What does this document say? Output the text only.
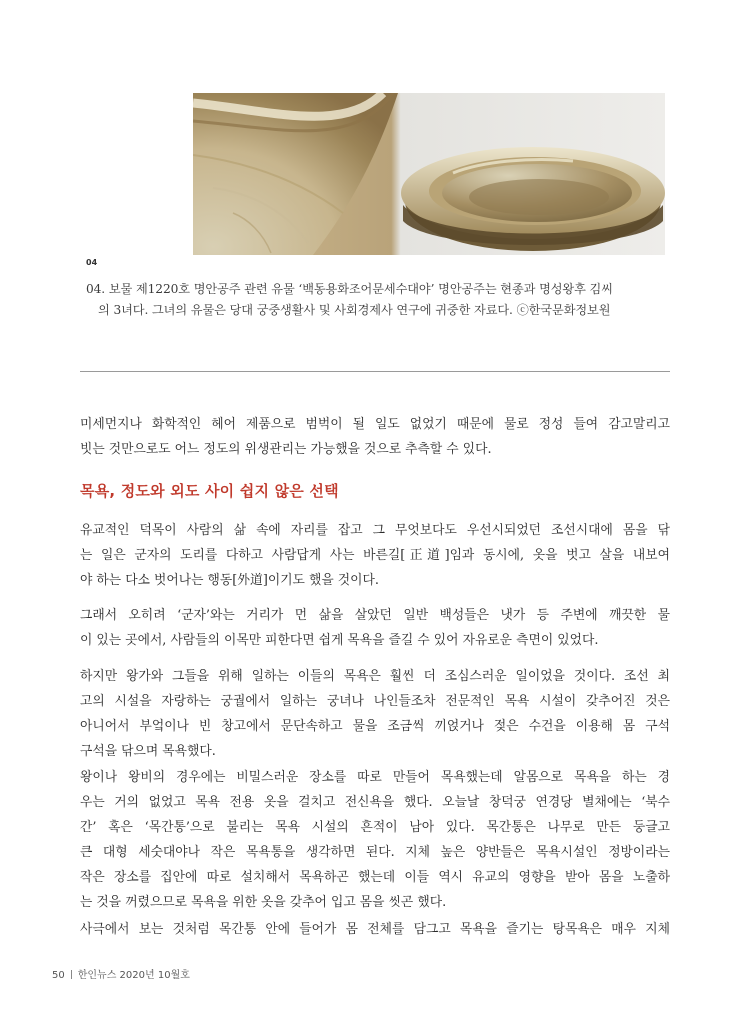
04
04. 보물 제1220호 명안공주 관련 유물 ‘백동용화조어문세수대야’ 명안공주는 현종과 명성왕후 김씨
의 3녀다. 그녀의 유물은 당대 궁중생활사 및 사회경제사 연구에 귀중한 자료다. ⓒ한국문화정보원
미세먼지나 화학적인 헤어 제품으로 범벅이 될 일도 없었기 때문에 물로 정성 들여 감고말리고
빗는 것만으로도 어느 정도의 위생관리는 가능했을 것으로 추측할 수 있다.
목욕, 정도와 외도 사이 쉽지 않은 선택
유교적인 덕목이 사람의 삶 속에 자리를 잡고 그 무엇보다도 우선시되었던 조선시대에 몸을 닦
는 일은 군자의 도리를 다하고 사람답게 사는 바른길[正道]임과 동시에, 옷을 벗고 살을 내보여
야 하는 다소 벗어나는 행동[外道]이기도 했을 것이다.
그래서 오히려 ‘군자’와는 거리가 먼 삶을 살았던 일반 백성들은 냇가 등 주변에 깨끗한 물
이 있는 곳에서, 사람들의 이목만 피한다면 쉽게 목욕을 즐길 수 있어 자유로운 측면이 있었다.
하지만 왕가와 그들을 위해 일하는 이들의 목욕은 훨씬 더 조심스러운 일이었을 것이다. 조선 최
고의 시설을 자랑하는 궁궐에서 일하는 궁녀나 나인들조차 전문적인 목욕 시설이 갖추어진 것은
아니어서 부엌이나 빈 창고에서 문단속하고 물을 조금씩 끼얹거나 젖은 수건을 이용해 몸 구석
구석을 닦으며 목욕했다.
왕이나 왕비의 경우에는 비밀스러운 장소를 따로 만들어 목욕했는데 알몸으로 목욕을 하는 경
우는 거의 없었고 목욕 전용 옷을 걸치고 전신욕을 했다. 오늘날 창덕궁 연경당 별채에는 ‘북수
간’ 혹은 ‘목간통’으로 불리는 목욕 시설의 흔적이 남아 있다. 목간통은 나무로 만든 둥글고
큰 대형 세숫대야나 작은 목욕통을 생각하면 된다. 지체 높은 양반들은 목욕시설인 정방이라는
작은 장소를 집안에 따로 설치해서 목욕하곤 했는데 이들 역시 유교의 영향을 받아 몸을 노출하
는 것을 꺼렸으므로 목욕을 위한 옷을 갖추어 입고 몸을 씻곤 했다.
사극에서 보는 것처럼 목간통 안에 들어가 몸 전체를 담그고 목욕을 즐기는 탕목욕은 매우 지체
50 한인뉴스 2020년 10월호
